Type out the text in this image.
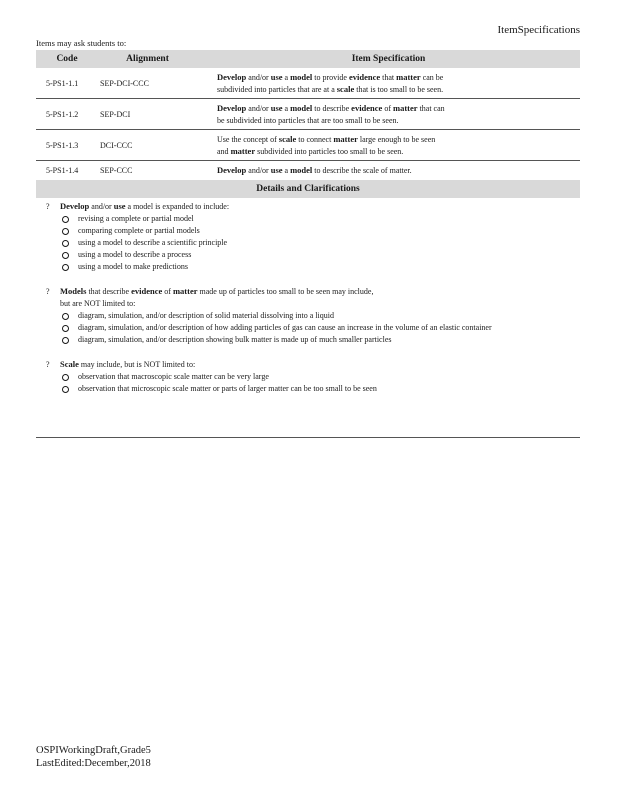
ItemSpecifications
Items may ask students to:
Code	Alignment	Item Specification
5-PS1-1.1	SEP-DCI-CCC	Develop and/or use a model to provide evidence that matter can be
subdivided into particles that are at a scale that is too small to be seen.

5-PS1-1.2	SEP-DCI	Develop and/or use a model to describe evidence of matter that can
be subdivided into particles that are too small to be seen.

5-PS1-1.3	DCI-CCC	Use the concept of scale to connect matter large enough to be seen
and matter subdivided into particles too small to be seen.

5-PS1-1.4	SEP-CCC	Develop and/or use a model to describe the scale of matter.

Details and Clarifications		
? Develop and/or use a model is expanded to include:
revising a complete or partial model
comparing complete or partial models
using a model to describe a scientific principle
using a model to describe a process
using a model to make predictions
? Models that describe evidence of matter made up of particles too small to be seen may include,
but are NOT limited to:
diagram, simulation, and/or description of solid material dissolving into a liquid
diagram, simulation, and/or description of how adding particles of gas can cause an increase in the volume of an elastic container
diagram, simulation, and/or description showing bulk matter is made up of much smaller particles
? Scale may include, but is NOT limited to:
observation that macroscopic scale matter can be very large
observation that microscopic scale matter or parts of larger matter can be too small to be seen
OSPIWorkingDraft,Grade5
LastEdited:December,2018
